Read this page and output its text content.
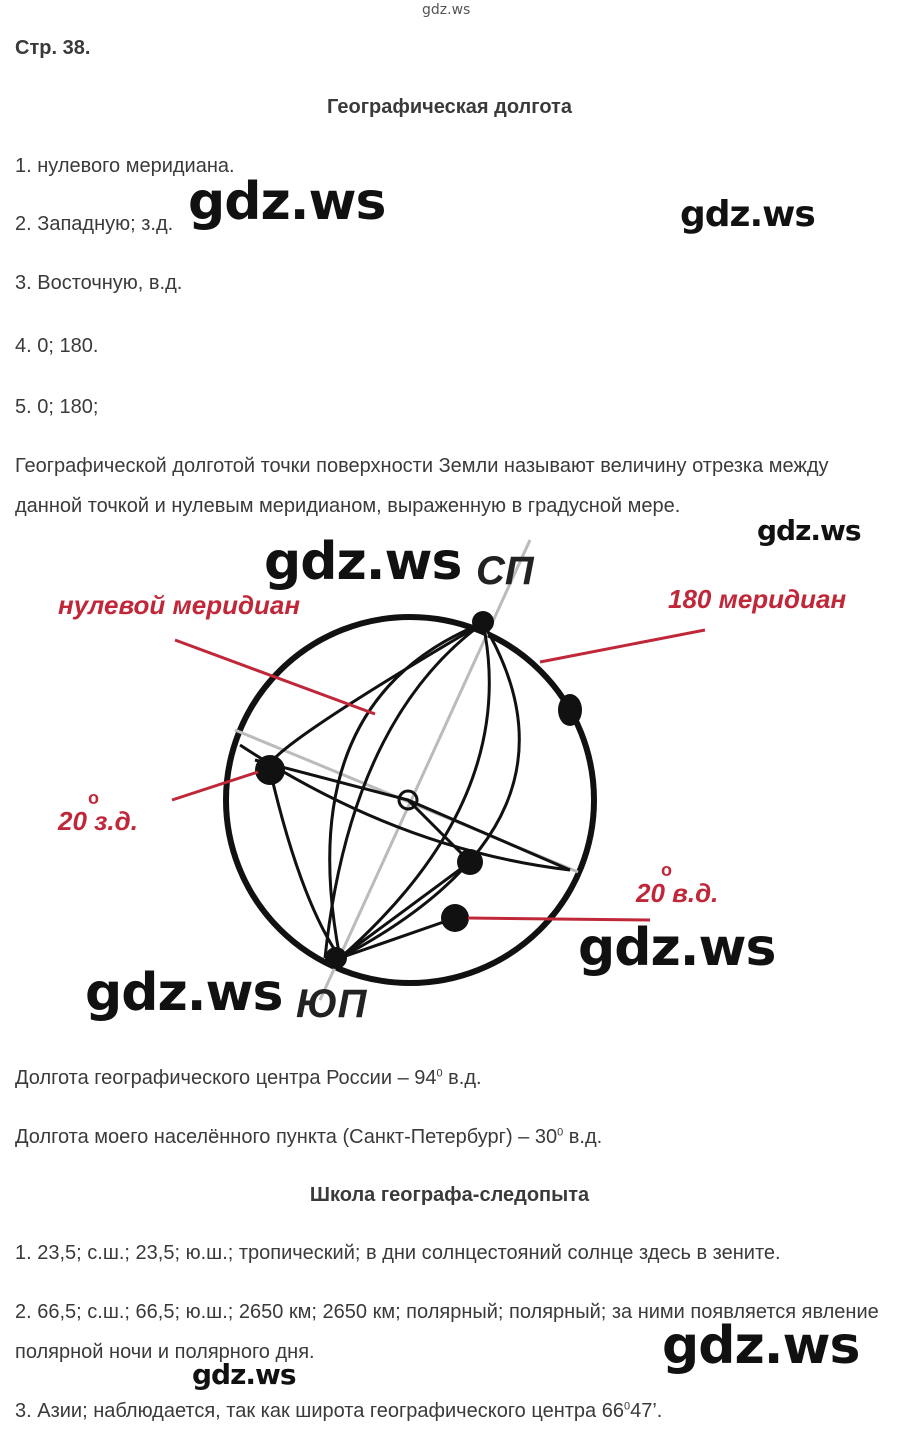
gdz.ws
Стр. 38.
Географическая долгота
1. нулевого меридиана.
2. Западную; з.д.
3. Восточную, в.д.
4. 0; 180.
5. 0; 180;
gdz.ws	gdz.ws
Географической долготой точки поверхности Земли называют величину отрезка между данной точкой и нулевым меридианом, выраженную в градусной мере.
gdz.ws
СП
ЮП
нулевой меридиан	180 меридиан
о
20 з.д.
о
20 в.д.
gdz.ws
gdz.ws
gdz.ws
Долгота географического центра России – $94^0$ в.д.
Долгота моего населённого пункта (Санкт-Петербург) – $30^0$ в.д.
Школа географа-следопыта
1. 23,5; с.ш.; 23,5; ю.ш.; тропический; в дни солнцестояний солнце здесь в зените.
2. 66,5; с.ш.; 66,5; ю.ш.; 2650 км; 2650 км; полярный; полярный; за ними появляется явление полярной ночи и полярного дня.
3. Азии; наблюдается, так как широта географического центра $66^047$’.
gdz.ws
gdz.ws
